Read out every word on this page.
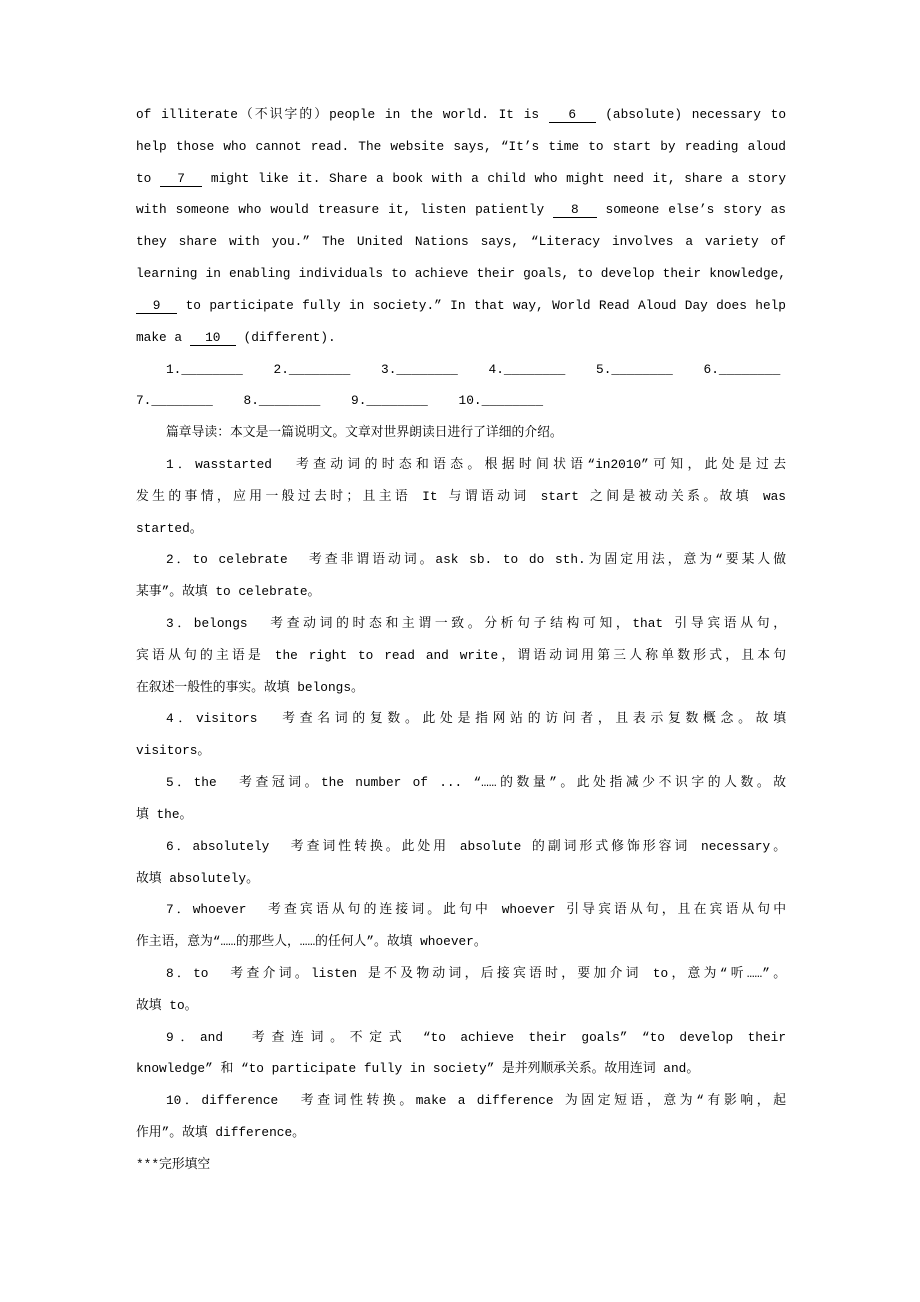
of illiterate（不识字的）people in the world. It is   6   (absolute) necessary to
help those who cannot read. The website says, “It’s time to start by reading aloud
to   7   might like it. Share a book with a child who might need it, share a story
with someone who would treasure it, listen patiently   8   someone else’s story as
they share with you.” The United Nations says, “Literacy involves a variety of
learning in enabling individuals to achieve their goals, to develop their knowledge,
9   to participate fully in society.” In that way, World Read Aloud Day does help
make a   10   (different).
1.________    2.________    3.________    4.________    5.________    6.________
7.________    8.________    9.________    10.________
篇章导读：本文是一篇说明文。文章对世界朗读日进行了详细的介绍。
1．wasstarted  考查动词的时态和语态。根据时间状语“in2010”可知，此处是过去
发生的事情，应用一般过去时；且主语 It 与谓语动词 start 之间是被动关系。故填 was
started。
2．to celebrate  考查非谓语动词。ask sb. to do sth.为固定用法，意为“要某人做
某事”。故填 to celebrate。
3．belongs  考查动词的时态和主谓一致。分析句子结构可知，that 引导宾语从句，
宾语从句的主语是 the right to read and write，谓语动词用第三人称单数形式，且本句
在叙述一般性的事实。故填 belongs。
4．visitors  考查名词的复数。此处是指网站的访问者，且表示复数概念。故填
visitors。
5．the  考查冠词。the number of ... “……的数量”。此处指减少不识字的人数。故
填 the。
6．absolutely  考查词性转换。此处用 absolute 的副词形式修饰形容词 necessary。
故填 absolutely。
7．whoever  考查宾语从句的连接词。此句中 whoever 引导宾语从句，且在宾语从句中
作主语，意为“……的那些人，……的任何人”。故填 whoever。
8．to  考查介词。listen 是不及物动词，后接宾语时，要加介词 to，意为“听……”。
故填 to。
9．and  考查连词。不定式 “to achieve their goals” “to develop their
knowledge” 和 “to participate fully in society” 是并列顺承关系。故用连词 and。
10．difference  考查词性转换。make a difference 为固定短语，意为“有影响，起
作用”。故填 difference。
***完形填空
